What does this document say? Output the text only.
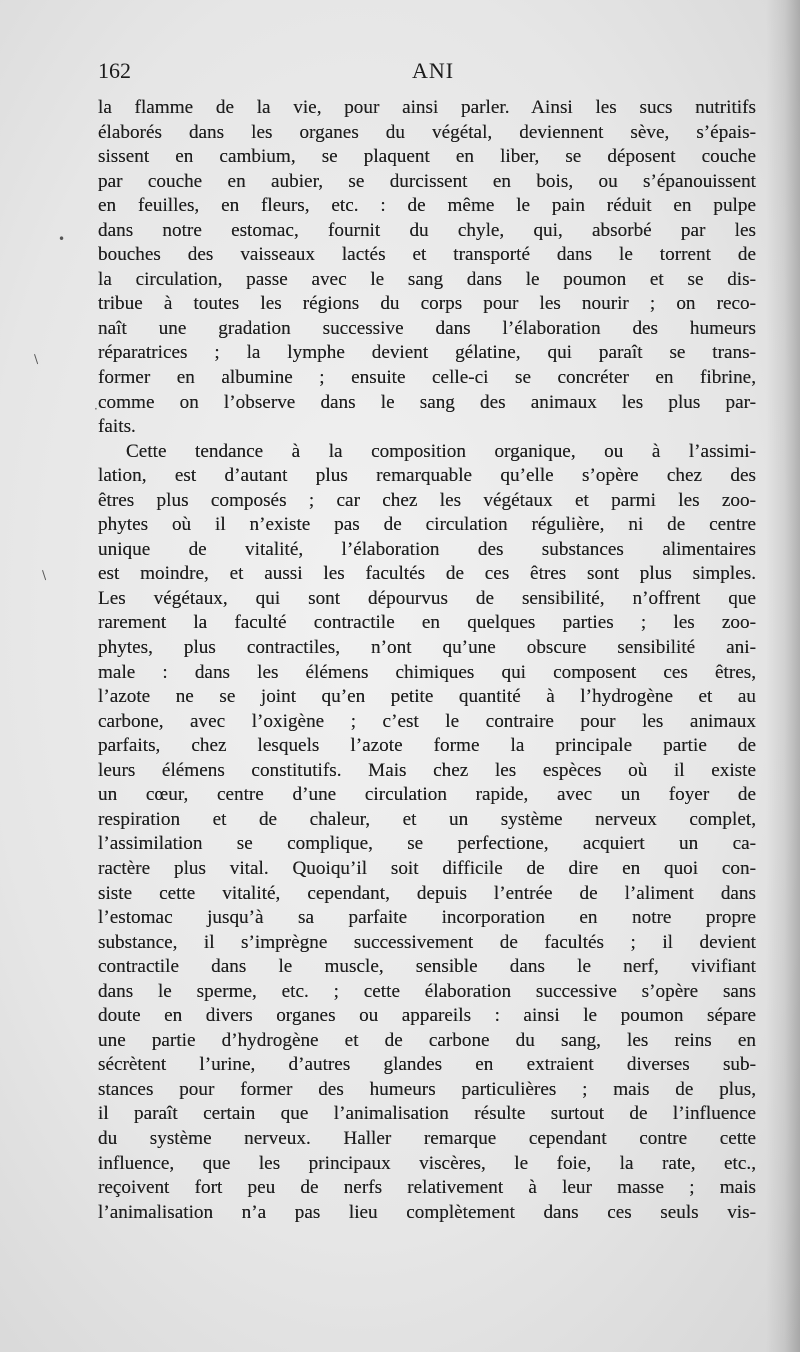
162	ANI
la flamme de la vie, pour ainsi parler. Ainsi les sucs nutritifs
élaborés dans les organes du végétal, deviennent sève, s’épais-
sissent en cambium, se plaquent en liber, se déposent couche
par couche en aubier, se durcissent en bois, ou s’épanouissent
en feuilles, en fleurs, etc. : de même le pain réduit en pulpe
dans notre estomac, fournit du chyle, qui, absorbé par les
bouches des vaisseaux lactés et transporté dans le torrent de
la circulation, passe avec le sang dans le poumon et se dis-
tribue à toutes les régions du corps pour les nourir ; on reco-
naît une gradation successive dans l’élaboration des humeurs
réparatrices ; la lymphe devient gélatine, qui paraît se trans-
former en albumine ; ensuite celle-ci se concréter en fibrine,
comme on l’observe dans le sang des animaux les plus par-
faits.
Cette tendance à la composition organique, ou à l’assimi-
lation, est d’autant plus remarquable qu’elle s’opère chez des
êtres plus composés ; car chez les végétaux et parmi les zoo-
phytes où il n’existe pas de circulation régulière, ni de centre
unique de vitalité, l’élaboration des substances alimentaires
est moindre, et aussi les facultés de ces êtres sont plus simples.
Les végétaux, qui sont dépourvus de sensibilité, n’offrent que
rarement la faculté contractile en quelques parties ; les zoo-
phytes, plus contractiles, n’ont qu’une obscure sensibilité ani-
male : dans les élémens chimiques qui composent ces êtres,
l’azote ne se joint qu’en petite quantité à l’hydrogène et au
carbone, avec l’oxigène ; c’est le contraire pour les animaux
parfaits, chez lesquels l’azote forme la principale partie de
leurs élémens constitutifs. Mais chez les espèces où il existe
un cœur, centre d’une circulation rapide, avec un foyer de
respiration et de chaleur, et un système nerveux complet,
l’assimilation se complique, se perfectione, acquiert un ca-
ractère plus vital. Quoiqu’il soit difficile de dire en quoi con-
siste cette vitalité, cependant, depuis l’entrée de l’aliment dans
l’estomac jusqu’à sa parfaite incorporation en notre propre
substance, il s’imprègne successivement de facultés ; il devient
contractile dans le muscle, sensible dans le nerf, vivifiant
dans le sperme, etc. ; cette élaboration successive s’opère sans
doute en divers organes ou appareils : ainsi le poumon sépare
une partie d’hydrogène et de carbone du sang, les reins en
sécrètent l’urine, d’autres glandes en extraient diverses sub-
stances pour former des humeurs particulières ; mais de plus,
il paraît certain que l’animalisation résulte surtout de l’influence
du système nerveux. Haller remarque cependant contre cette
influence, que les principaux viscères, le foie, la rate, etc.,
reçoivent fort peu de nerfs relativement à leur masse ; mais
l’animalisation n’a pas lieu complètement dans ces seuls vis-
•
/
·
/
